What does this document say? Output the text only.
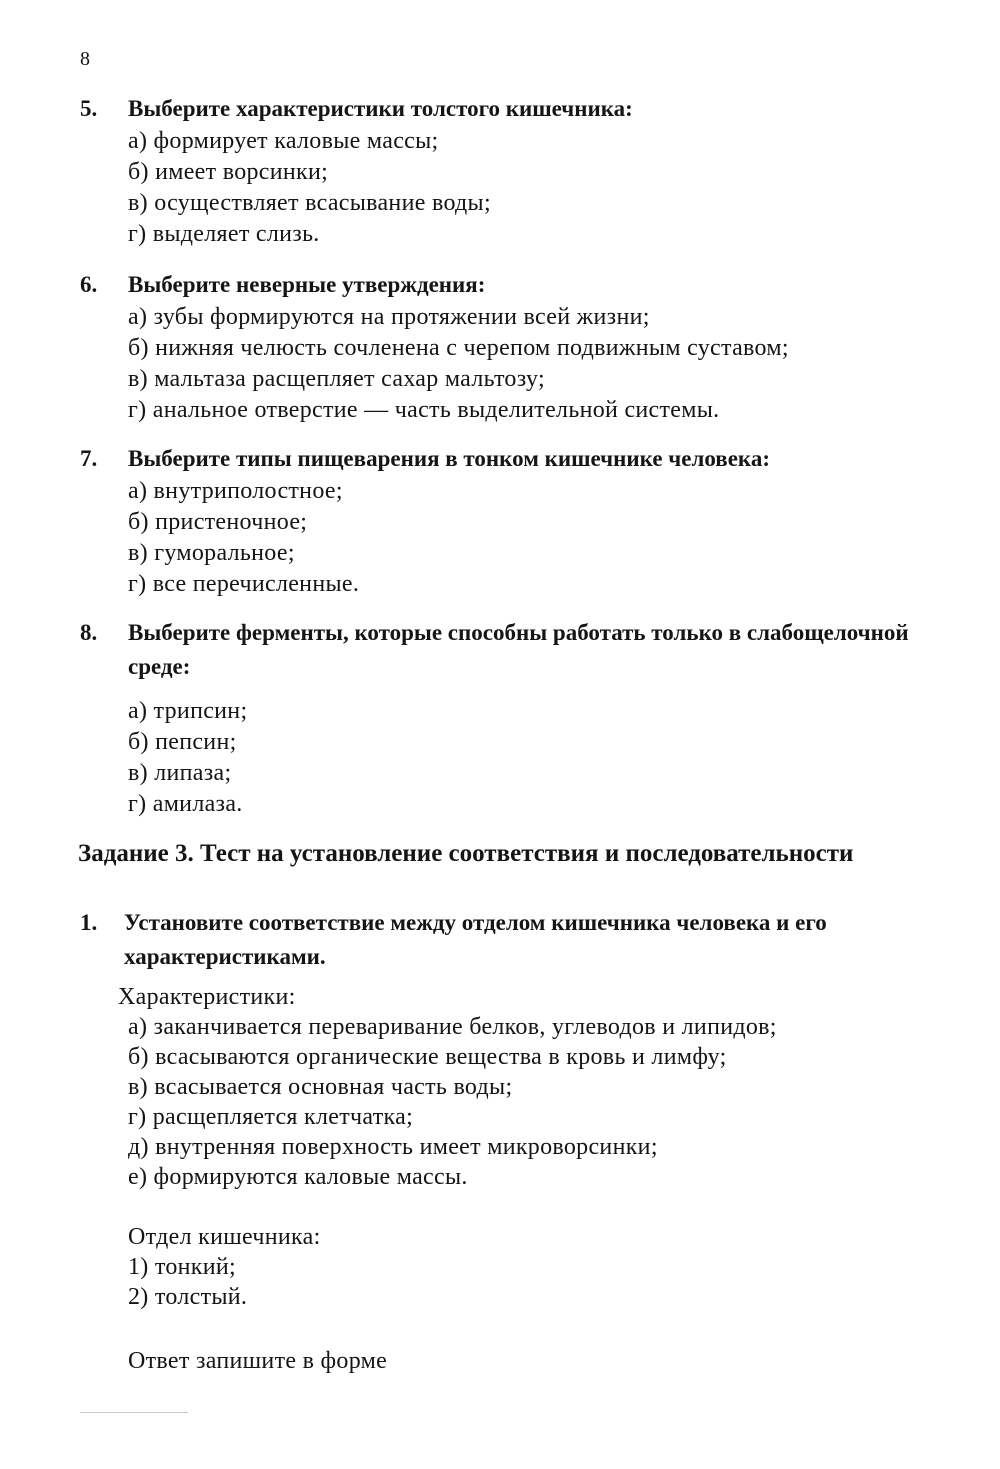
8
5.	Выберите характеристики толстого кишечника:
а) формирует каловые массы;
б) имеет ворсинки;
в) осуществляет всасывание воды;
г) выделяет слизь.
6.	Выберите неверные утверждения:
а) зубы формируются на протяжении всей жизни;
б) нижняя челюсть сочленена с черепом подвижным суставом;
в) мальтаза расщепляет сахар мальтозу;
г) анальное отверстие — часть выделительной системы.
7.	Выберите типы пищеварения в тонком кишечнике человека:
а) внутриполостное;
б) пристеночное;
в) гуморальное;
г) все перечисленные.
8.	Выберите ферменты, которые способны работать только в слабощелочной среде:
а) трипсин;
б) пепсин;
в) липаза;
г) амилаза.
Задание 3. Тест на установление соответствия и последовательности
1.	Установите соответствие между отделом кишечника человека и его характеристиками.
Характеристики:
а) заканчивается переваривание белков, углеводов и липидов;
б) всасываются органические вещества в кровь и лимфу;
в) всасывается основная часть воды;
г) расщепляется клетчатка;
д) внутренняя поверхность имеет микроворсинки;
е) формируются каловые массы.
Отдел кишечника:
1) тонкий;
2) толстый.
Ответ запишите в форме
